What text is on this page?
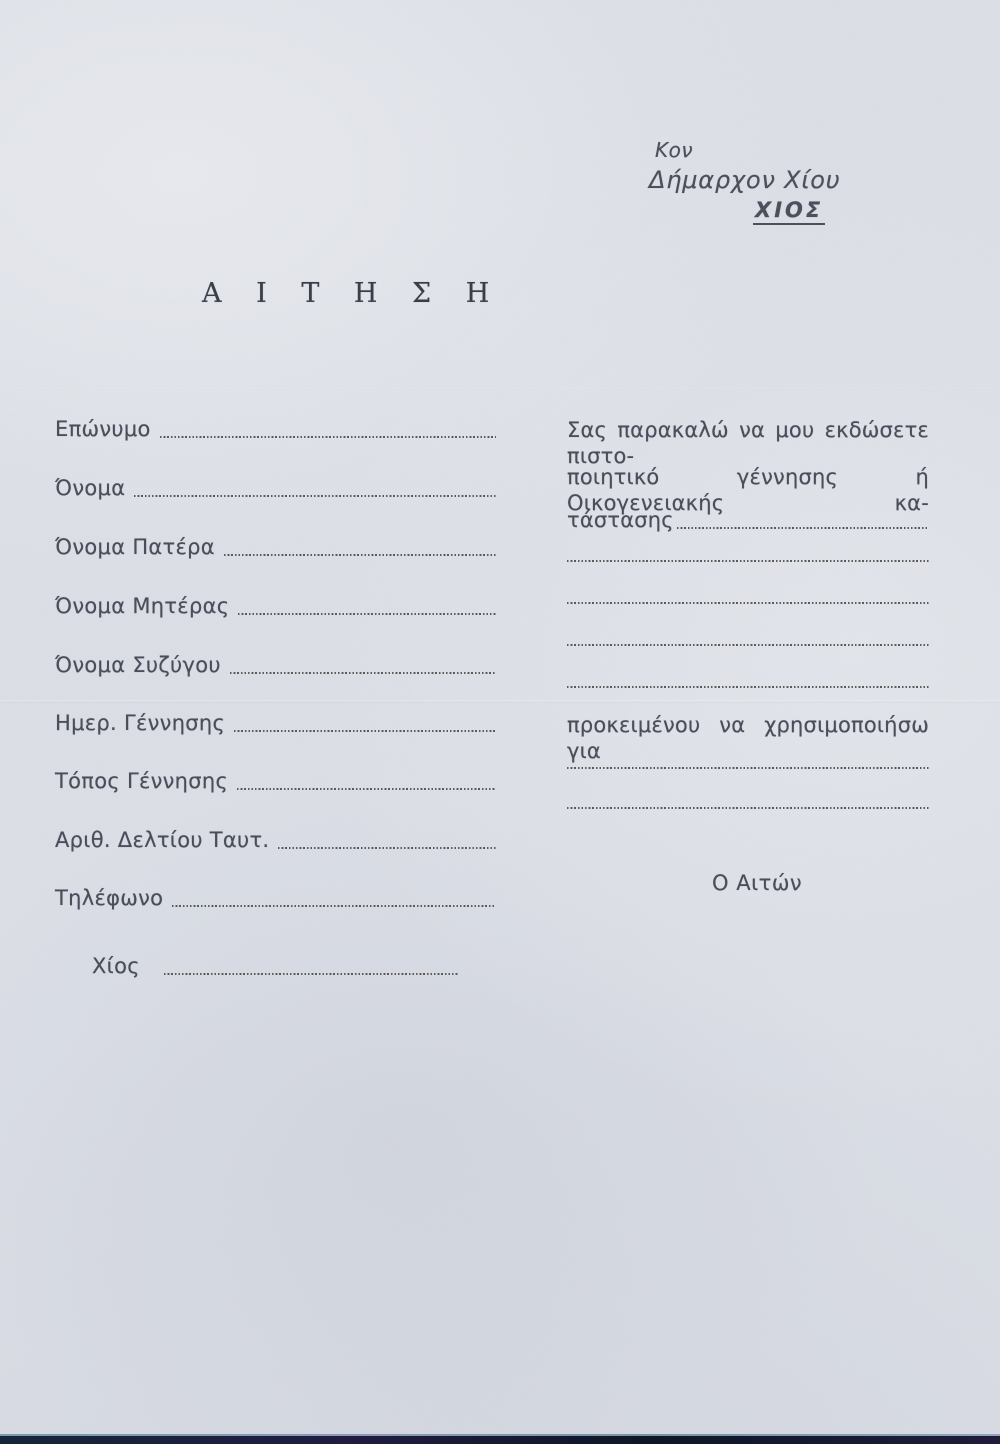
Κον
Δήμαρχον Χίου
ΧΙΟΣ
Α Ι Τ Η Σ Η
Επώνυμο
Όνομα
Όνομα Πατέρα
Όνομα Μητέρας
Όνομα Συζύγου
Ημερ. Γέννησης
Τόπος Γέννησης
Αριθ. Δελτίου Ταυτ.
Τηλέφωνο
Χίος
Σας παρακαλώ να μου εκδώσετε πιστο-
ποιητικό γέννησης ή Οικογενειακής κα-
τάστασης
προκειμένου να χρησιμοποιήσω για
Ο Αιτών
